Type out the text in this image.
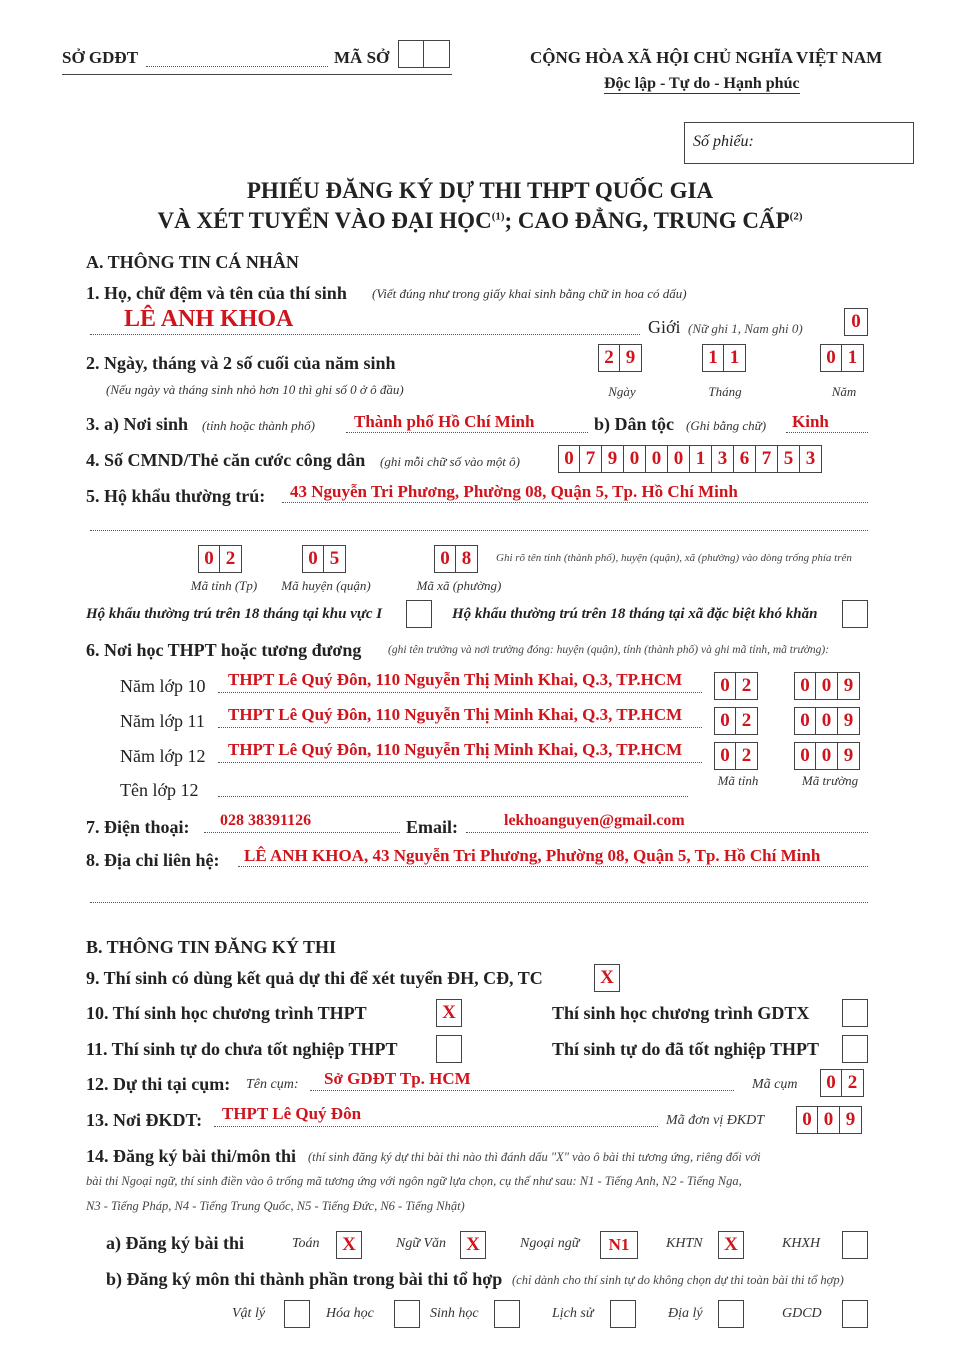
SỞ GDĐT	MÃ SỞ	CỘNG HÒA XÃ HỘI CHỦ NGHĨA VIỆT NAM
Độc lập - Tự do - Hạnh phúc
Số phiếu:
PHIẾU ĐĂNG KÝ DỰ THI THPT QUỐC GIA
VÀ XÉT TUYỂN VÀO ĐẠI HỌC$^{(1)}$; CAO ĐẲNG, TRUNG CẤP$^{(2)}$
A. THÔNG TIN CÁ NHÂN
1. Họ, chữ đệm và tên của thí sinh (Viết đúng như trong giấy khai sinh bằng chữ in hoa có dấu)
LÊ ANH KHOA	Giới (Nữ ghi 1, Nam ghi 0)	0
2. Ngày, tháng và 2 số cuối của năm sinh
(Nếu ngày và tháng sinh nhỏ hơn 10 thì ghi số 0 ở ô đầu)
2 9	1 1	0 1
Ngày	Tháng	Năm
3. a) Nơi sinh (tỉnh hoặc thành phố) Thành phố Hồ Chí Minh	b) Dân tộc (Ghi bằng chữ) Kinh
4. Số CMND/Thẻ căn cước công dân (ghi mỗi chữ số vào một ô)	0 7 9 0 0 0 1 3 6 7 5 3
5. Hộ khẩu thường trú: 43 Nguyễn Tri Phương, Phường 08, Quận 5, Tp. Hồ Chí Minh
0 2	0 5	0 8	Ghi rõ tên tỉnh (thành phố), huyện (quận), xã (phường) vào dòng trống phía trên
Mã tỉnh (Tp)	Mã huyện (quận)	Mã xã (phường)
Hộ khẩu thường trú trên 18 tháng tại khu vực I	Hộ khẩu thường trú trên 18 tháng tại xã đặc biệt khó khăn
6. Nơi học THPT hoặc tương đương (ghi tên trường và nơi trường đóng: huyện (quận), tỉnh (thành phố) và ghi mã tỉnh, mã trường):
Năm lớp 10 THPT Lê Quý Đôn, 110 Nguyễn Thị Minh Khai, Q.3, TP.HCM	0 2	0 0 9
Năm lớp 11 THPT Lê Quý Đôn, 110 Nguyễn Thị Minh Khai, Q.3, TP.HCM	0 2	0 0 9
Năm lớp 12 THPT Lê Quý Đôn, 110 Nguyễn Thị Minh Khai, Q.3, TP.HCM	0 2	0 0 9
Mã tỉnh	Mã trường
Tên lớp 12
7. Điện thoại: 028 38391126	Email:	lekhoanguyen@gmail.com
8. Địa chỉ liên hệ: LÊ ANH KHOA, 43 Nguyễn Tri Phương, Phường 08, Quận 5, Tp. Hồ Chí Minh
B. THÔNG TIN ĐĂNG KÝ THI
9. Thí sinh có dùng kết quả dự thi để xét tuyển ĐH, CĐ, TC	X
10. Thí sinh học chương trình THPT	X	Thí sinh học chương trình GDTX
11. Thí sinh tự do chưa tốt nghiệp THPT	Thí sinh tự do đã tốt nghiệp THPT
12. Dự thi tại cụm: Tên cụm: Sở GDĐT Tp. HCM	Mã cụm	0 2
13. Nơi ĐKDT: THPT Lê Quý Đôn	Mã đơn vị ĐKDT	0 0 9
14. Đăng ký bài thi/môn thi (thí sinh đăng ký dự thi bài thi nào thì đánh dấu "X" vào ô bài thi tương ứng, riêng đối với
bài thi Ngoại ngữ, thí sinh điền vào ô trống mã tương ứng với ngôn ngữ lựa chọn, cụ thể như sau: N1 - Tiếng Anh, N2 - Tiếng Nga,
N3 - Tiếng Pháp, N4 - Tiếng Trung Quốc, N5 - Tiếng Đức, N6 - Tiếng Nhật)
a) Đăng ký bài thi	Toán	X	Ngữ Văn	X	Ngoại ngữ	N1	KHTN	X	KHXH
b) Đăng ký môn thi thành phần trong bài thi tổ hợp (chỉ dành cho thí sinh tự do không chọn dự thi toàn bài thi tổ hợp)
Vật lý	Hóa học	Sinh học	Lịch sử	Địa lý	GDCD
